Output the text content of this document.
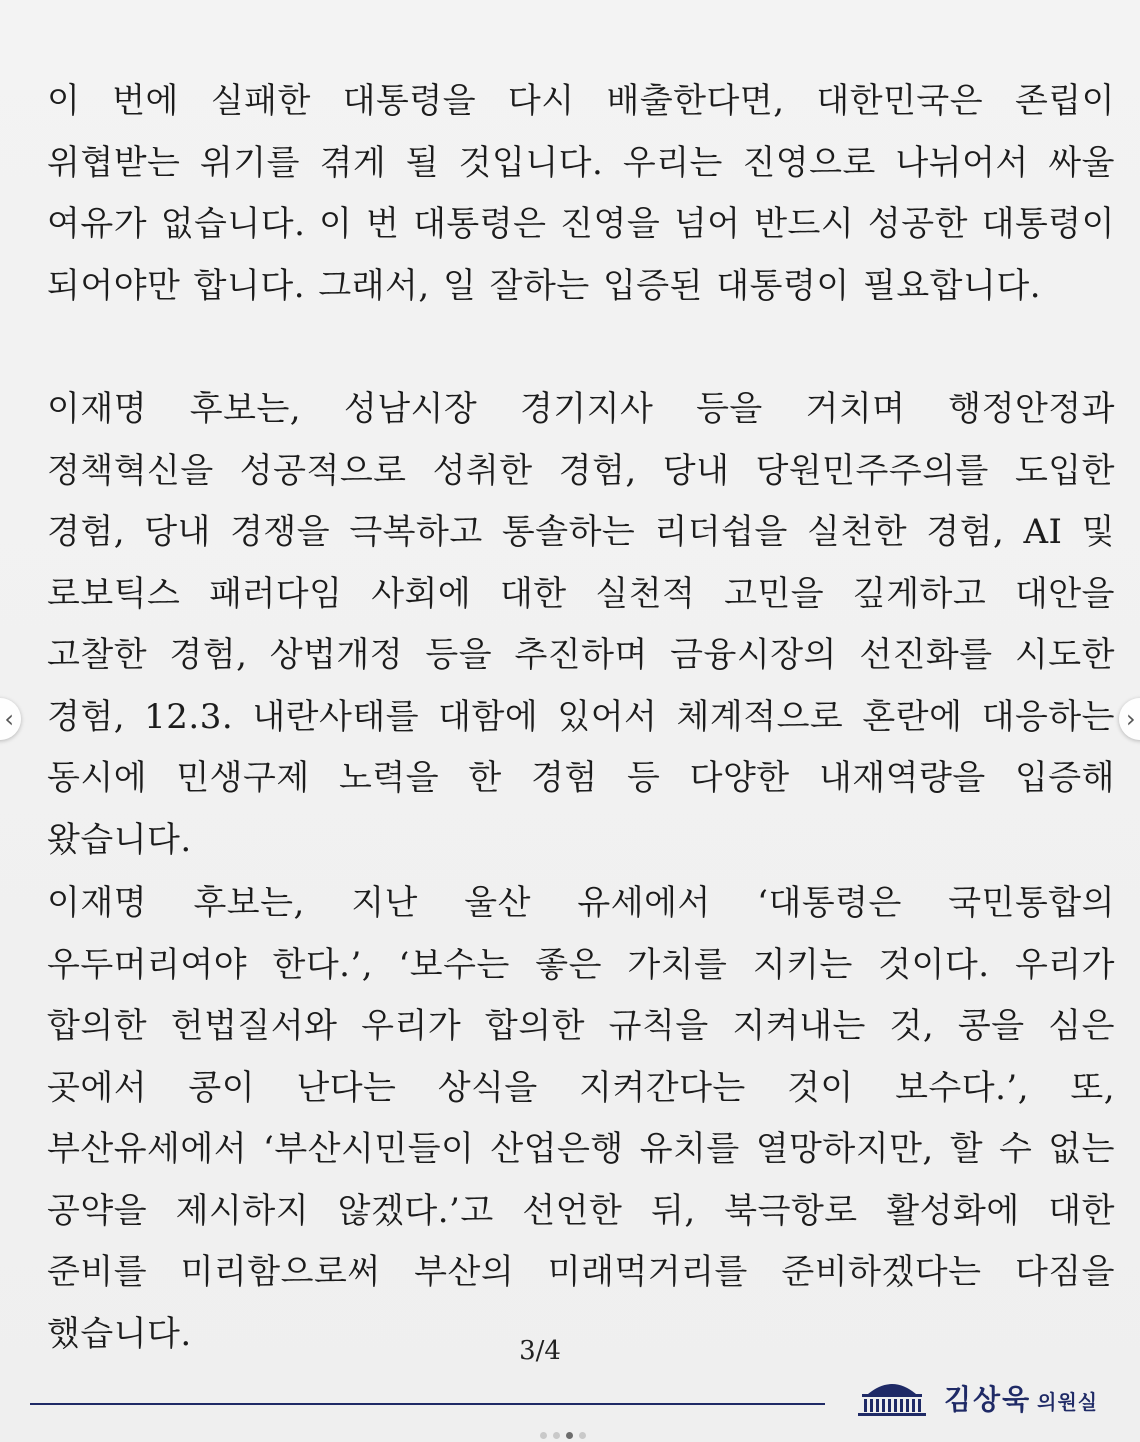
이 번에 실패한 대통령을 다시 배출한다면, 대한민국은 존립이 위협받는 위기를 겪게 될 것입니다. 우리는 진영으로 나뉘어서 싸울 여유가 없습니다. 이 번 대통령은 진영을 넘어 반드시 성공한 대통령이 되어야만 합니다. 그래서, 일 잘하는 입증된 대통령이 필요합니다.
이재명 후보는, 성남시장 경기지사 등을 거치며 행정안정과 정책혁신을 성공적으로 성취한 경험, 당내 당원민주주의를 도입한 경험, 당내 경쟁을 극복하고 통솔하는 리더쉽을 실천한 경험, AI 및 로보틱스 패러다임 사회에 대한 실천적 고민을 깊게하고 대안을 고찰한 경험, 상법개정 등을 추진하며 금융시장의 선진화를 시도한 경험, 12.3. 내란사태를 대함에 있어서 체계적으로 혼란에 대응하는 동시에 민생구제 노력을 한 경험 등 다양한 내재역량을 입증해 왔습니다.
이재명 후보는, 지난 울산 유세에서 ‘대통령은 국민통합의 우두머리여야 한다.’, ‘보수는 좋은 가치를 지키는 것이다. 우리가 합의한 헌법질서와 우리가 합의한 규칙을 지켜내는 것, 콩을 심은 곳에서 콩이 난다는 상식을 지켜간다는 것이 보수다.’, 또, 부산유세에서 ‘부산시민들이 산업은행 유치를 열망하지만, 할 수 없는 공약을 제시하지 않겠다.’고 선언한 뒤, 북극항로 활성화에 대한 준비를 미리함으로써 부산의 미래먹거리를 준비하겠다는 다짐을 했습니다.	3/4
김상욱 의원실
‹	›
